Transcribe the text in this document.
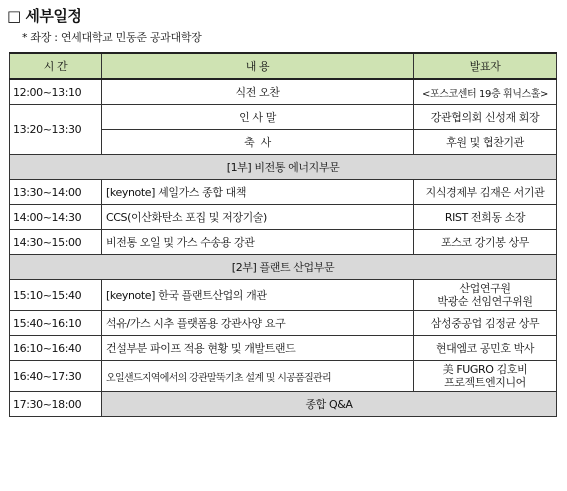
□ 세부일정
* 좌장 : 연세대학교 민동준 공과대학장
시 간	내 용	발표자
12:00~13:10	식전 오찬	<포스코센터 19층 휘닉스홀>
13:20~13:30	인 사 말	강관협의회 신성재 회장
	축  사	후원 및 협찬기관
[1부] 비전통 에너지부문		
13:30~14:00	[keynote] 셰일가스 종합 대책	지식경제부 김재은 서기관
14:00~14:30	CCS(이산화탄소 포집 및 저장기술)	RIST 전희동 소장
14:30~15:00	비전통 오일 및 가스 수송용 강관	포스코 강기봉 상무
[2부] 플랜트 산업부문		
15:10~15:40	[keynote] 한국 플랜트산업의 개관	산업연구원
박광순 선임연구위원

15:40~16:10	석유/가스 시추 플랫폼용 강관사양 요구	삼성중공업 김정균 상무
16:10~16:40	건설부분 파이프 적용 현황 및 개발트랜드	현대엠코 공민호 박사
16:40~17:30	오일샌드지역에서의 강관말뚝기초 설계 및 시공품질관리	美 FUGRO 김호비
프로젝트엔지니어

17:30~18:00	종합 Q&A	
